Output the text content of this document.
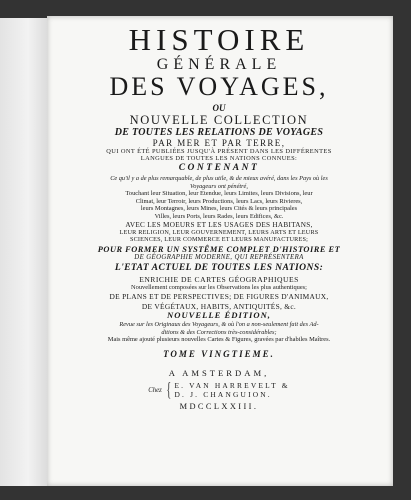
HISTOIRE
GÉNÉRALE
DES VOYAGES,
OU
NOUVELLE COLLECTION
DE TOUTES LES RELATIONS DE VOYAGES
PAR MER ET PAR TERRE,
QUI ONT ÉTÉ PUBLIÉES JUSQU'À PRÉSENT DANS LES DIFFÉRENTES
LANGUES DE TOUTES LES NATIONS CONNUES:
CONTENANT
Ce qu'il y a de plus remarquable, de plus utile, & de mieux avéré, dans les Pays où les
Voyageurs ont pénétré,
Touchant leur Situation, leur Etendue, leurs Limites, leurs Divisions, leur
Climat, leur Terroir, leurs Productions, leurs Lacs, leurs Rivieres,
leurs Montagnes, leurs Mines, leurs Cités & leurs principales
Villes, leurs Ports, leurs Rades, leurs Edifices, &c.
AVEC LES MOEURS ET LES USAGES DES HABITANS,
LEUR RELIGION, LEUR GOUVERNEMENT, LEURS ARTS ET LEURS
SCIENCES, LEUR COMMERCE ET LEURS MANUFACTURES;
POUR FORMER UN SYSTÊME COMPLET D'HISTOIRE ET
DE GÉOGRAPHIE MODERNE, QUI REPRÉSENTERA
L'ETAT ACTUEL DE TOUTES LES NATIONS:
ENRICHIE DE CARTES GÉOGRAPHIQUES
Nouvellement composées sur les Observations les plus authentiques;
DE PLANS ET DE PERSPECTIVES; DE FIGURES D'ANIMAUX,
DE VÉGÉTAUX, HABITS, ANTIQUITÉS, &c.
NOUVELLE ÉDITION,
Revue sur les Originaux des Voyageurs, & où l'on a non-seulement fait des Ad-
ditions & des Corrections très-considérables;
Mais même ajouté plusieurs nouvelles Cartes & Figures, gravées par d'habiles Maîtres.
TOME VINGTIEME.
A AMSTERDAM,
Chez { E. VAN HARREVELT &
D. J. CHANGUION.
MDCCLXXIII.
